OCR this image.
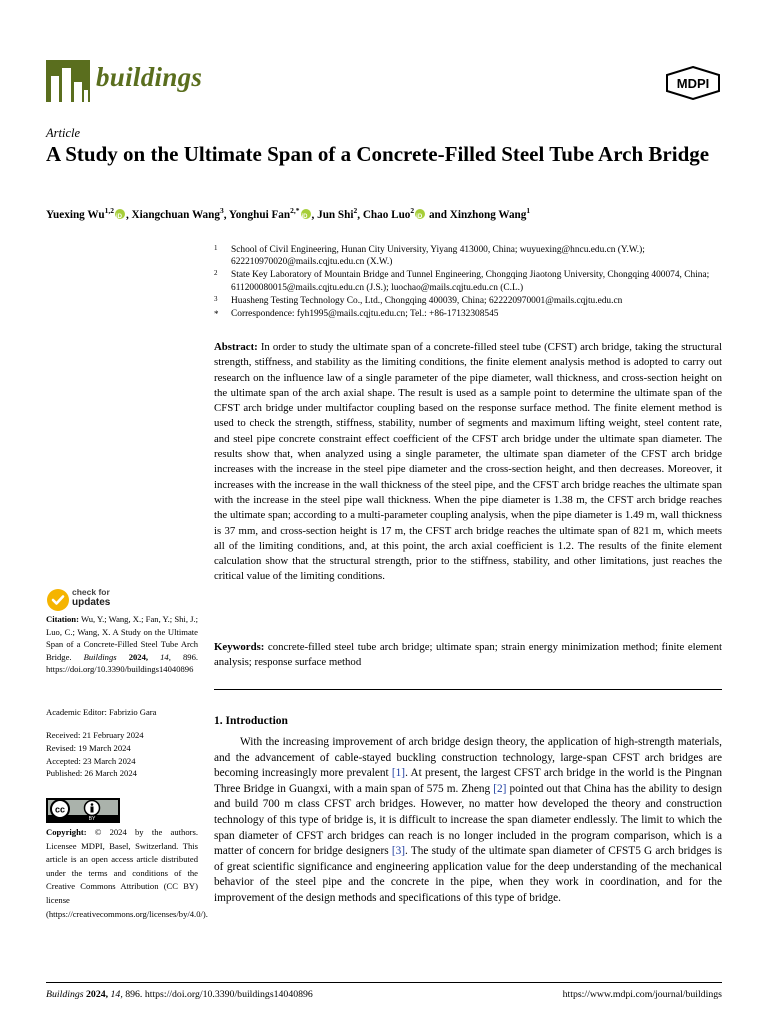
buildings	MDPI
Article
A Study on the Ultimate Span of a Concrete-Filled Steel Tube Arch Bridge
Yuexing Wu$^{1,2}$ iD , Xiangchuan Wang$^3$, Yonghui Fan$^{2,*}$ iD , Jun Shi$^2$, Chao Luo$^2$iD and Xinzhong Wang$^1$
1 School of Civil Engineering, Hunan City University, Yiyang 413000, China; wuyuexing@hncu.edu.cn (Y.W.); 622210970020@mails.cqjtu.edu.cn (X.W.)
2 State Key Laboratory of Mountain Bridge and Tunnel Engineering, Chongqing Jiaotong University, Chongqing 400074, China; 611200080015@mails.cqjtu.edu.cn (J.S.); luochao@mails.cqjtu.edu.cn (C.L.)
3 Huasheng Testing Technology Co., Ltd., Chongqing 400039, China; 622220970001@mails.cqjtu.edu.cn
* Correspondence: fyh1995@mails.cqjtu.edu.cn; Tel.: +86-17132308545
Abstract: In order to study the ultimate span of a concrete-filled steel tube (CFST) arch bridge, taking the structural strength, stiffness, and stability as the limiting conditions, the finite element analysis method is adopted to carry out research on the influence law of a single parameter of the pipe diameter, wall thickness, and cross-section height on the ultimate span of the arch axial shape. The result is used as a sample point to determine the ultimate span of the CFST arch bridge under multifactor coupling based on the response surface method. The finite element method is used to check the strength, stiffness, stability, number of segments and maximum lifting weight, steel content rate, and steel pipe concrete constraint effect coefficient of the CFST arch bridge under the ultimate span diameter. The results show that, when analyzed using a single parameter, the ultimate span diameter of the CFST arch bridge increases with the increase in the steel pipe diameter and the cross-section height, and then decreases. Moreover, it increases with the increase in the wall thickness of the steel pipe, and the CFST arch bridge reaches the ultimate span with the increase in the steel pipe wall thickness. When the pipe diameter is 1.38 m, the CFST arch bridge reaches the ultimate span; according to a multi-parameter coupling analysis, when the pipe diameter is 1.49 m, wall thickness is 37 mm, and cross-section height is 17 m, the CFST arch bridge reaches the ultimate span of 821 m, which meets all of the limiting conditions, and, at this point, the arch axial coefficient is 1.2. The results of the finite element calculation show that the structural strength, prior to the stiffness, stability, and other limitations, just reaches the critical value of the limiting conditions.
Keywords: concrete-filled steel tube arch bridge; ultimate span; strain energy minimization method; finite element analysis; response surface method
1. Introduction

With the increasing improvement of arch bridge design theory, the application of high-strength materials, and the advancement of cable-stayed buckling construction technology, large-span CFST arch bridges are becoming increasingly more prevalent [1]. At present, the largest CFST arch bridge in the world is the Pingnan Three Bridge in Guangxi, with a main span of 575 m. Zheng [2] pointed out that China has the ability to design and build 700 m class CFST arch bridges. However, no matter how developed the theory and construction technology of this type of bridge is, it is difficult to increase the span diameter endlessly. The limit to which the span diameter of CFST arch bridges can reach is no longer included in the program comparison, which is a matter of concern for bridge designers [3]. The study of the ultimate span diameter of CFST5 G arch bridges is of great scientific significance and engineering application value for the deep understanding of the mechanical behavior of the steel pipe and the concrete in the pipe, when they work in coordination, and for the improvement of the design methods and specifications of this type of bridge.

check for
updates
Citation: Wu, Y.; Wang, X.; Fan, Y.; Shi, J.; Luo, C.; Wang, X. A Study on the Ultimate Span of a Concrete-Filled Steel Tube Arch Bridge. Buildings 2024, 14, 896. https://doi.org/10.3390/buildings14040896
Academic Editor: Fabrizio Gara
Received: 21 February 2024
Revised: 19 March 2024
Accepted: 23 March 2024
Published: 26 March 2024
cc
BY
Copyright: © 2024 by the authors. Licensee MDPI, Basel, Switzerland. This article is an open access article distributed under the terms and conditions of the Creative Commons Attribution (CC BY) license (https://creativecommons.org/licenses/by/4.0/).
Buildings 2024, 14, 896. https://doi.org/10.3390/buildings14040896	https://www.mdpi.com/journal/buildings
